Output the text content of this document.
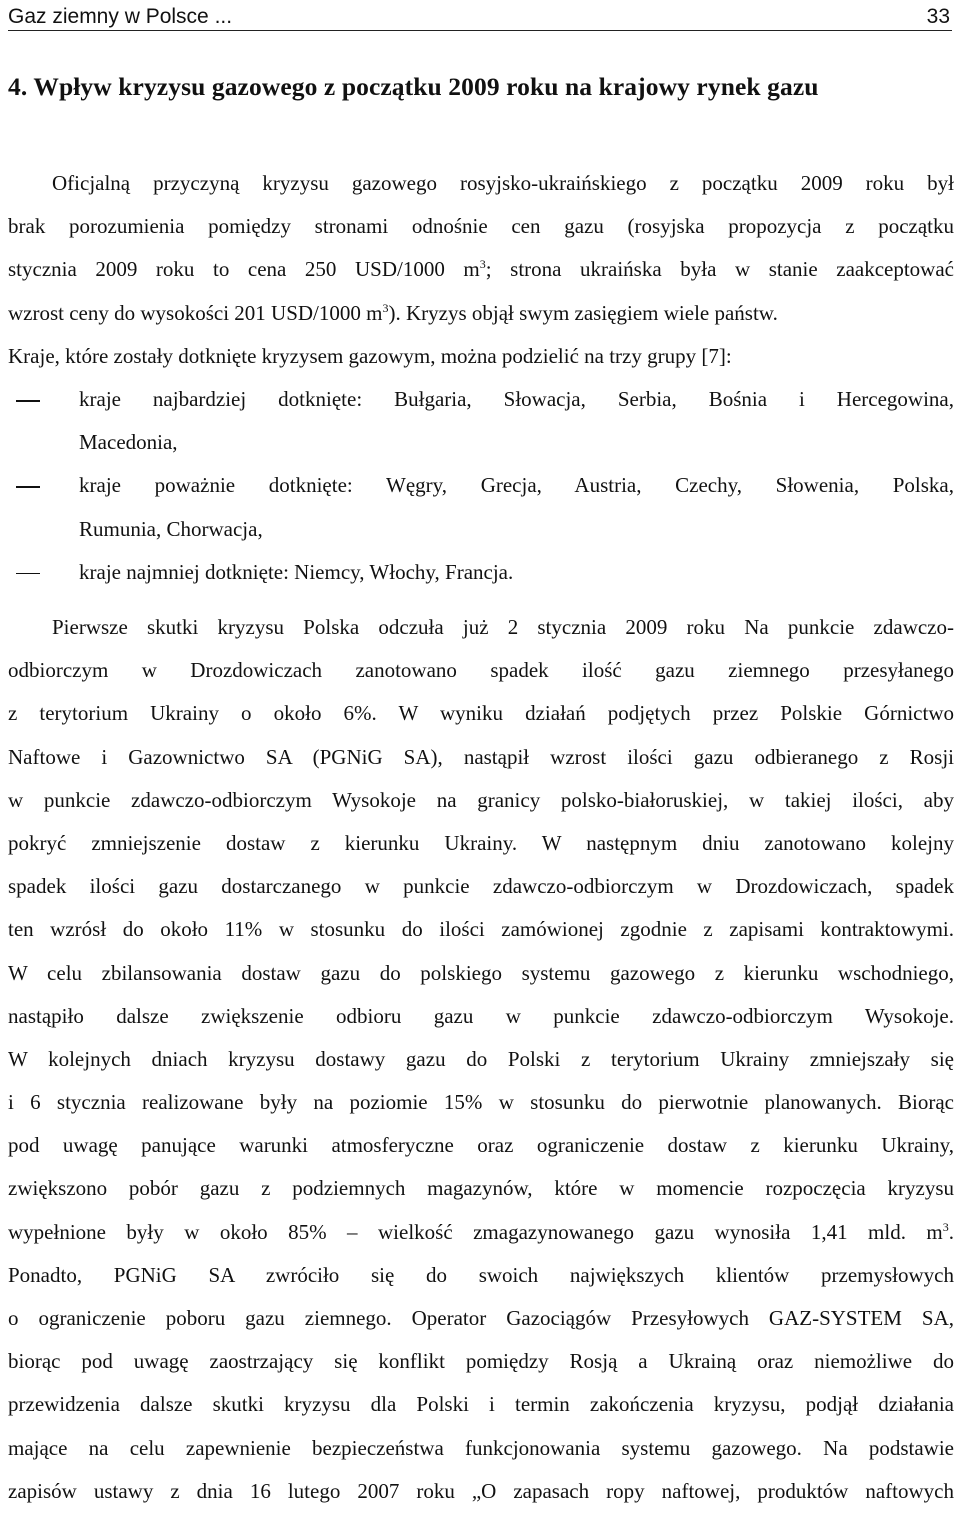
Gaz ziemny w Polsce ...	33
4. Wpływ kryzysu gazowego z początku 2009 roku na krajowy rynek gazu
Oficjalną przyczyną kryzysu gazowego rosyjsko-ukraińskiego z początku 2009 roku był
brak porozumienia pomiędzy stronami odnośnie cen gazu (rosyjska propozycja z początku
stycznia 2009 roku to cena 250 USD/1000 $m^3$; strona ukraińska była w stanie zaakceptować
wzrost ceny do wysokości 201 USD/1000 $m^3$). Kryzys objął swym zasięgiem wiele państw.
Kraje, które zostały dotknięte kryzysem gazowym, można podzielić na trzy grupy [7]:
kraje najbardziej dotknięte: Bułgaria, Słowacja, Serbia, Bośnia i Hercegowina,
Macedonia,
kraje poważnie dotknięte: Węgry, Grecja, Austria, Czechy, Słowenia, Polska,
Rumunia, Chorwacja,
kraje najmniej dotknięte: Niemcy, Włochy, Francja.
Pierwsze skutki kryzysu Polska odczuła już 2 stycznia 2009 roku Na punkcie zdawczo-
odbiorczym w Drozdowiczach zanotowano spadek ilość gazu ziemnego przesyłanego
z terytorium Ukrainy o około 6%. W wyniku działań podjętych przez Polskie Górnictwo
Naftowe i Gazownictwo SA (PGNiG SA), nastąpił wzrost ilości gazu odbieranego z Rosji
w punkcie zdawczo-odbiorczym Wysokoje na granicy polsko-białoruskiej, w takiej ilości, aby
pokryć zmniejszenie dostaw z kierunku Ukrainy. W następnym dniu zanotowano kolejny
spadek ilości gazu dostarczanego w punkcie zdawczo-odbiorczym w Drozdowiczach, spadek
ten wzrósł do około 11% w stosunku do ilości zamówionej zgodnie z zapisami kontraktowymi.
W celu zbilansowania dostaw gazu do polskiego systemu gazowego z kierunku wschodniego,
nastąpiło dalsze zwiększenie odbioru gazu w punkcie zdawczo-odbiorczym Wysokoje.
W kolejnych dniach kryzysu dostawy gazu do Polski z terytorium Ukrainy zmniejszały się
i 6 stycznia realizowane były na poziomie 15% w stosunku do pierwotnie planowanych. Biorąc
pod uwagę panujące warunki atmosferyczne oraz ograniczenie dostaw z kierunku Ukrainy,
zwiększono pobór gazu z podziemnych magazynów, które w momencie rozpoczęcia kryzysu
wypełnione były w około 85% – wielkość zmagazynowanego gazu wynosiła 1,41 mld. $m^3$.
Ponadto, PGNiG SA zwróciło się do swoich największych klientów przemysłowych
o ograniczenie poboru gazu ziemnego. Operator Gazociągów Przesyłowych GAZ-SYSTEM SA,
biorąc pod uwagę zaostrzający się konflikt pomiędzy Rosją a Ukrainą oraz niemożliwe do
przewidzenia dalsze skutki kryzysu dla Polski i termin zakończenia kryzysu, podjął działania
mające na celu zapewnienie bezpieczeństwa funkcjonowania systemu gazowego. Na podstawie
zapisów ustawy z dnia 16 lutego 2007 roku „O zapasach ropy naftowej, produktów naftowych
